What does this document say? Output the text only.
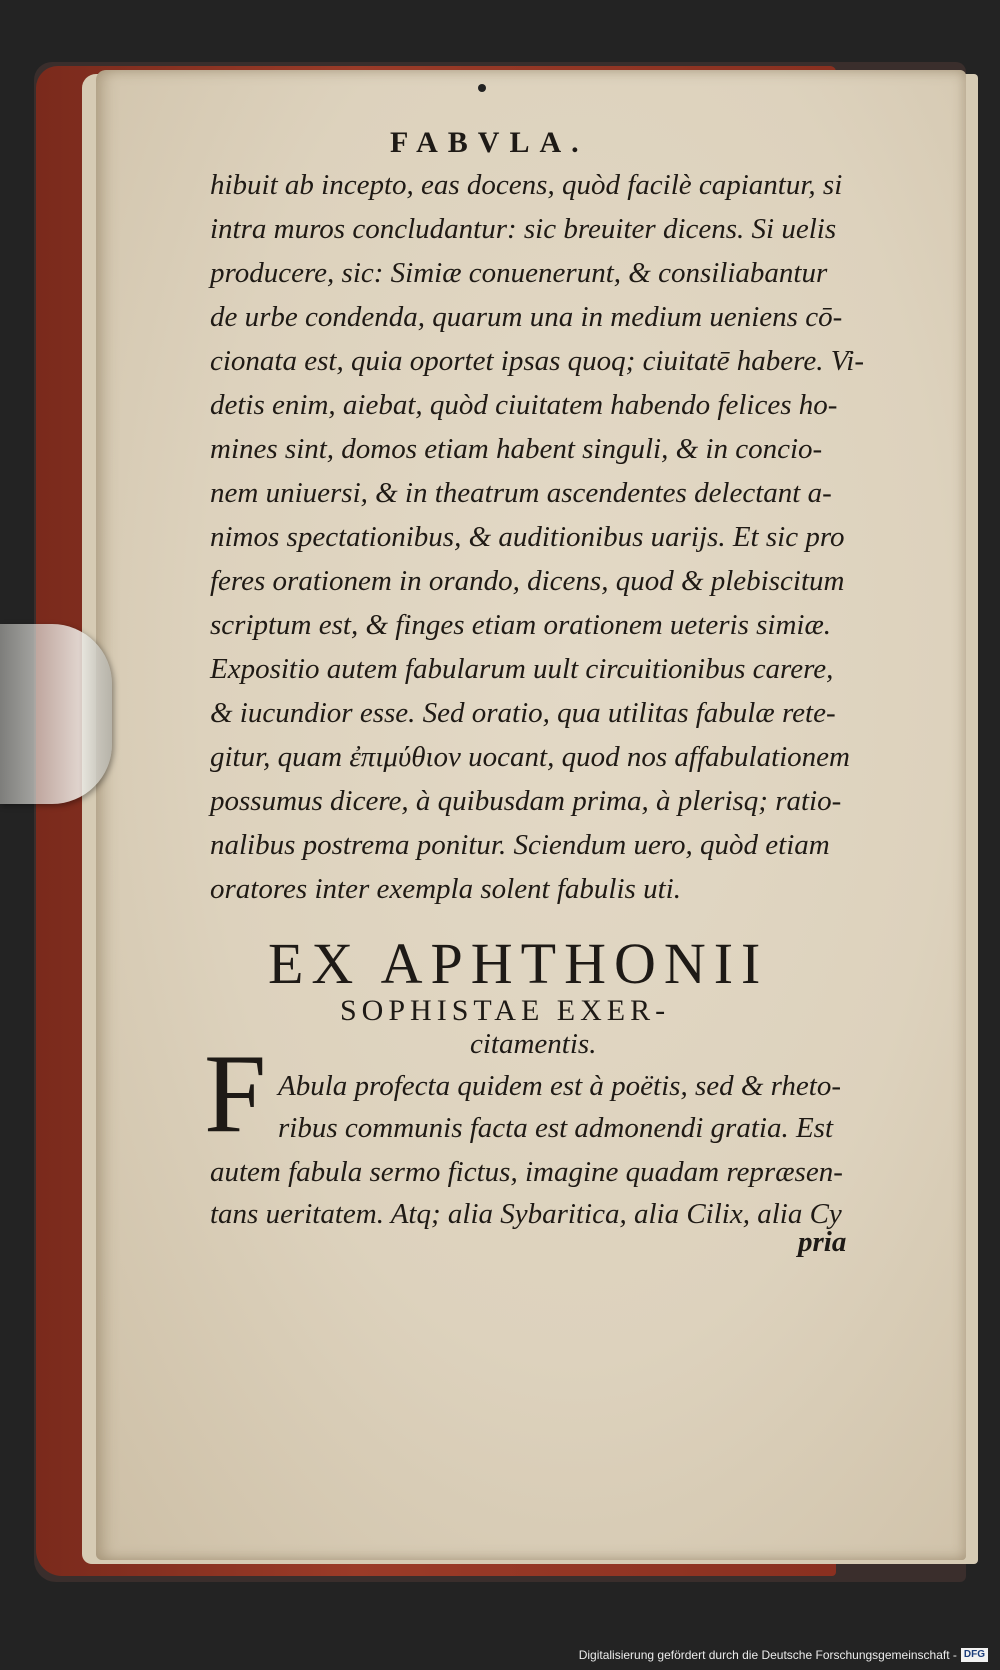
FABVLA.
hibuit ab incepto, eas docens, quòd facilè capiantur, si
intra muros concludantur: sic breuiter dicens. Si uelis
producere, sic: Simiæ conuenerunt, & consiliabantur
de urbe condenda, quarum una in medium ueniens cō-
cionata est, quia oportet ipsas quoq; ciuitatē habere. Vi-
detis enim, aiebat, quòd ciuitatem habendo felices ho-
mines sint, domos etiam habent singuli, & in concio-
nem uniuersi, & in theatrum ascendentes delectant a-
nimos spectationibus, & auditionibus uarijs. Et sic pro
feres orationem in orando, dicens, quod & plebiscitum
scriptum est, & finges etiam orationem ueteris simiæ.
Expositio autem fabularum uult circuitionibus carere,
& iucundior esse. Sed oratio, qua utilitas fabulæ rete-
gitur, quam ἐπιμύθιον uocant, quod nos affabulationem
possumus dicere, à quibusdam prima, à plerisq; ratio-
nalibus postrema ponitur. Sciendum uero, quòd etiam
oratores inter exempla solent fabulis uti.
EX APHTHONII
SOPHISTAE EXER-
citamentis.
F Abula profecta quidem est à poëtis, sed & rheto-
ribus communis facta est admonendi gratia. Est
autem fabula sermo fictus, imagine quadam repræsen-
tans ueritatem. Atq; alia Sybaritica, alia Cilix, alia Cy
pria
Digitalisierung gefördert durch die Deutsche Forschungsgemeinschaft - DFG
